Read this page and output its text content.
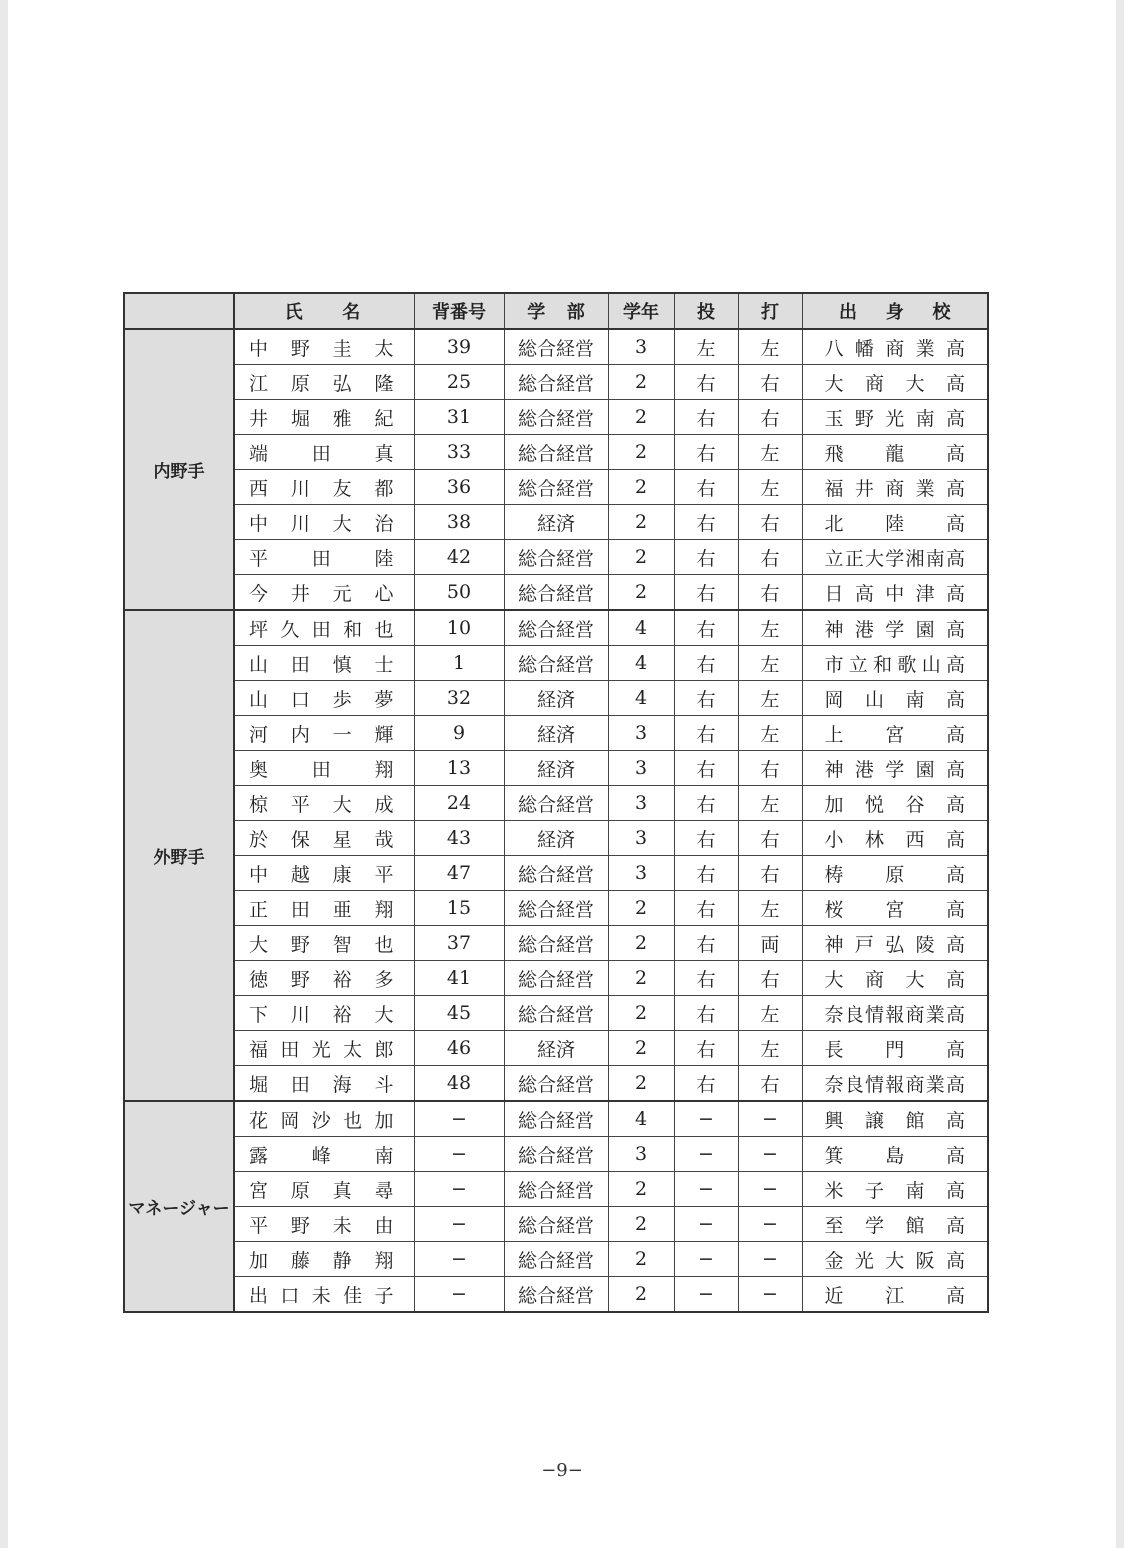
	氏名	背番号	学部	学年	投	打	出身校
内野手	中野圭太	39	総合経営	3	左	左	八幡商業高
	江原弘隆	25	総合経営	2	右	右	大商大高
	井堀雅紀	31	総合経営	2	右	右	玉野光南高
	端田真	33	総合経営	2	右	左	飛龍高
	西川友都	36	総合経営	2	右	左	福井商業高
	中川大治	38	経済	2	右	右	北陸高
	平田陸	42	総合経営	2	右	右	立正大学湘南高
	今井元心	50	総合経営	2	右	右	日高中津高
外野手	坪久田和也	10	総合経営	4	右	左	神港学園高
	山田慎士	1	総合経営	4	右	左	市立和歌山高
	山口歩夢	32	経済	4	右	左	岡山南高
	河内一輝	9	経済	3	右	左	上宮高
	奥田翔	13	経済	3	右	右	神港学園高
	椋平大成	24	総合経営	3	右	左	加悦谷高
	於保星哉	43	経済	3	右	右	小林西高
	中越康平	47	総合経営	3	右	右	梼原高
	正田亜翔	15	総合経営	2	右	左	桜宮高
	大野智也	37	総合経営	2	右	両	神戸弘陵高
	徳野裕多	41	総合経営	2	右	右	大商大高
	下川裕大	45	総合経営	2	右	左	奈良情報商業高
	福田光太郎	46	経済	2	右	左	長門高
	堀田海斗	48	総合経営	2	右	右	奈良情報商業高
マネージャー	花岡沙也加	−	総合経営	4	−	−	興譲館高
	露峰南	−	総合経営	3	−	−	箕島高
	宮原真尋	−	総合経営	2	−	−	米子南高
	平野未由	−	総合経営	2	−	−	至学館高
	加藤静翔	−	総合経営	2	−	−	金光大阪高
	出口未佳子	−	総合経営	2	−	−	近江高
−9−
